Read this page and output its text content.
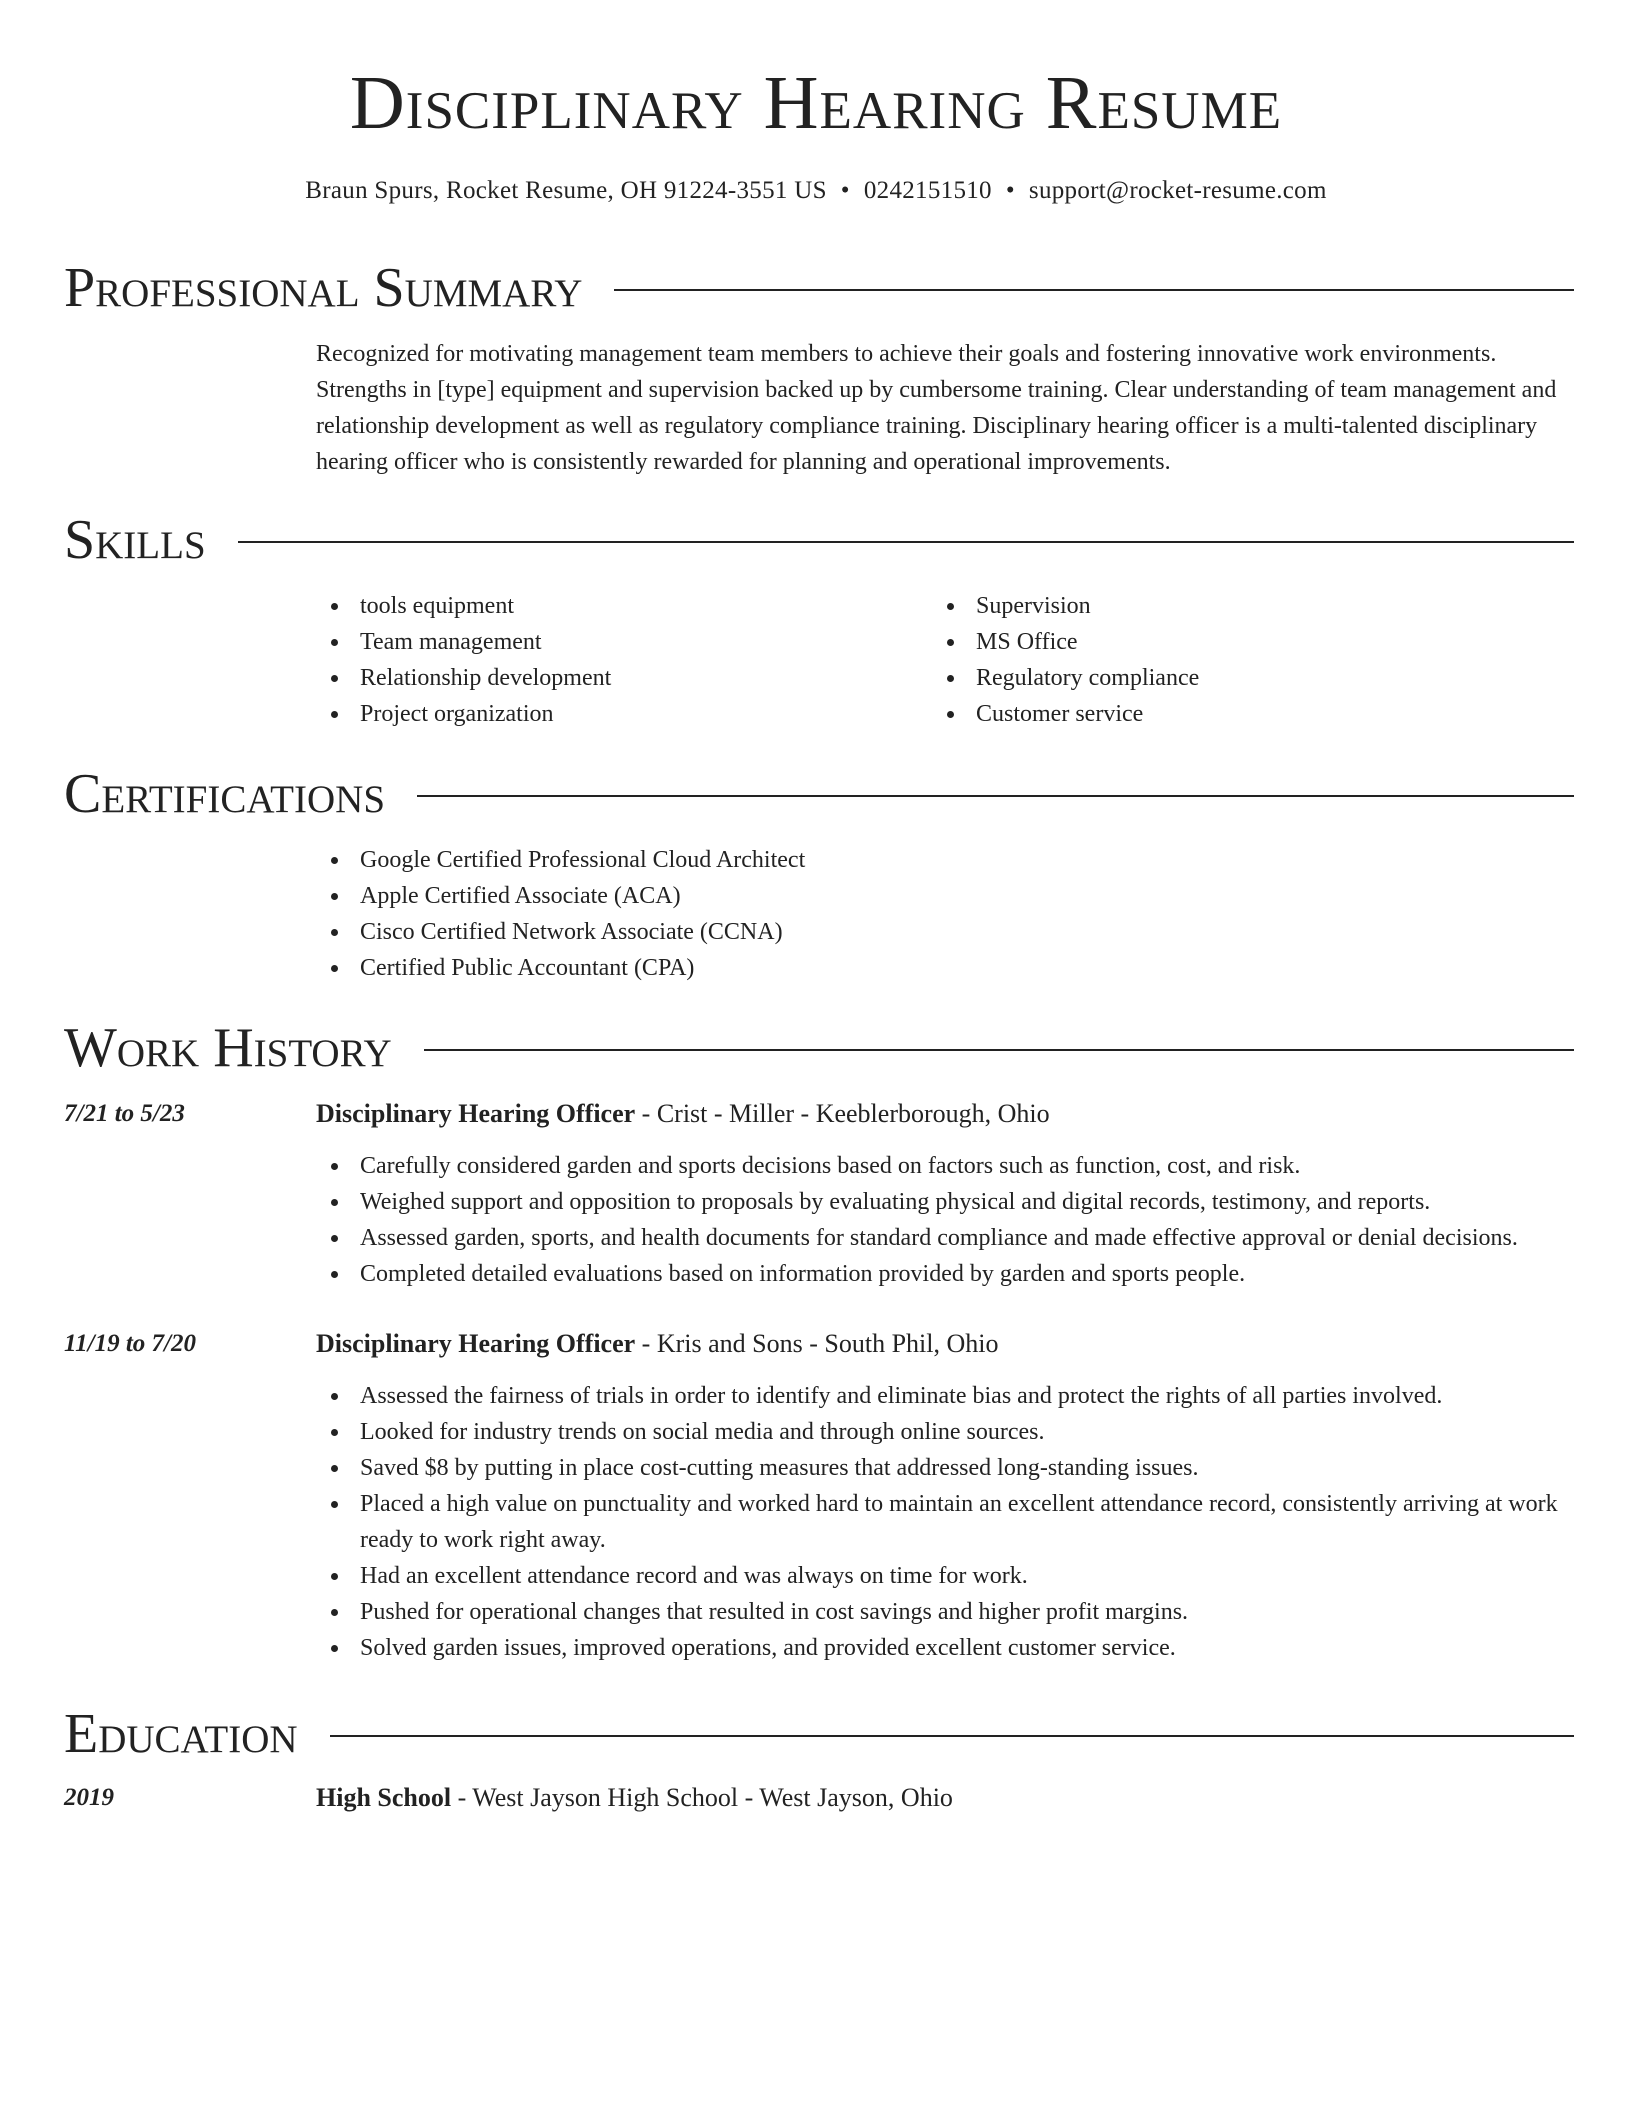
Disciplinary Hearing Resume
Braun Spurs, Rocket Resume, OH 91224-3551 US • 0242151510 • support@rocket-resume.com
Professional Summary
Recognized for motivating management team members to achieve their goals and fostering innovative work environments. Strengths in [type] equipment and supervision backed up by cumbersome training. Clear understanding of team management and relationship development as well as regulatory compliance training. Disciplinary hearing officer is a multi-talented disciplinary hearing officer who is consistently rewarded for planning and operational improvements.
Skills
tools equipment
Team management
Relationship development
Project organization
Supervision
MS Office
Regulatory compliance
Customer service
Certifications
Google Certified Professional Cloud Architect
Apple Certified Associate (ACA)
Cisco Certified Network Associate (CCNA)
Certified Public Accountant (CPA)
Work History
7/21 to 5/23	Disciplinary Hearing Officer - Crist - Miller - Keeblerborough, Ohio
Carefully considered garden and sports decisions based on factors such as function, cost, and risk.
Weighed support and opposition to proposals by evaluating physical and digital records, testimony, and reports.
Assessed garden, sports, and health documents for standard compliance and made effective approval or denial decisions.
Completed detailed evaluations based on information provided by garden and sports people.
11/19 to 7/20	Disciplinary Hearing Officer - Kris and Sons - South Phil, Ohio
Assessed the fairness of trials in order to identify and eliminate bias and protect the rights of all parties involved.
Looked for industry trends on social media and through online sources.
Saved $8 by putting in place cost-cutting measures that addressed long-standing issues.
Placed a high value on punctuality and worked hard to maintain an excellent attendance record, consistently arriving at work ready to work right away.
Had an excellent attendance record and was always on time for work.
Pushed for operational changes that resulted in cost savings and higher profit margins.
Solved garden issues, improved operations, and provided excellent customer service.
Education
2019	High School - West Jayson High School - West Jayson, Ohio
